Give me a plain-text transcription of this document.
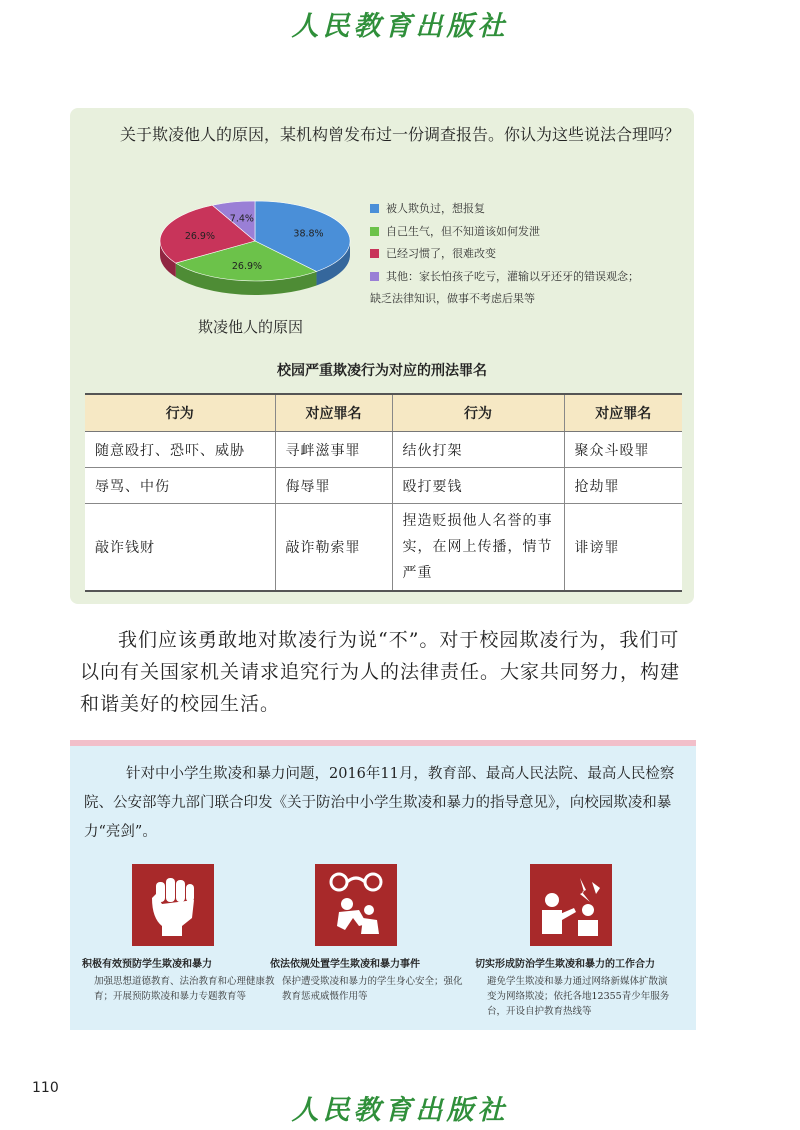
人民教育出版社

关于欺凌他人的原因，某机构曾发布过一份调查报告。你认为这些说法合理吗？

38.8%
26.9%
26.9%
7.4%
欺凌他人的原因
被人欺负过，想报复
自己生气，但不知道该如何发泄
已经习惯了，很难改变
其他：家长怕孩子吃亏，灌输以牙还牙的错误观念；
缺乏法律知识，做事不考虑后果等
校园严重欺凌行为对应的刑法罪名
行为	对应罪名	行为	对应罪名
随意殴打、恐吓、威胁	寻衅滋事罪	结伙打架	聚众斗殴罪
辱骂、中伤	侮辱罪	殴打要钱	抢劫罪
敲诈钱财	敲诈勒索罪	捏造贬损他人名誉的事实，在网上传播，情节严重	诽谤罪

我们应该勇敢地对欺凌行为说“不”。对于校园欺凌行为，我们可以向有关国家机关请求追究行为人的法律责任。大家共同努力，构建和谐美好的校园生活。

针对中小学生欺凌和暴力问题，2016年11月，教育部、最高人民法院、最高人民检察院、公安部等九部门联合印发《关于防治中小学生欺凌和暴力的指导意见》，向校园欺凌和暴力“亮剑”。

积极有效预防学生欺凌和暴力
加强思想道德教育、法治教育和心理健康教育；开展预防欺凌和暴力专题教育等
依法依规处置学生欺凌和暴力事件
保护遭受欺凌和暴力的学生身心安全；强化教育惩戒威慑作用等
切实形成防治学生欺凌和暴力的工作合力
避免学生欺凌和暴力通过网络新媒体扩散演变为网络欺凌；依托各地12355青少年服务台，开设自护教育热线等
110
人民教育出版社
